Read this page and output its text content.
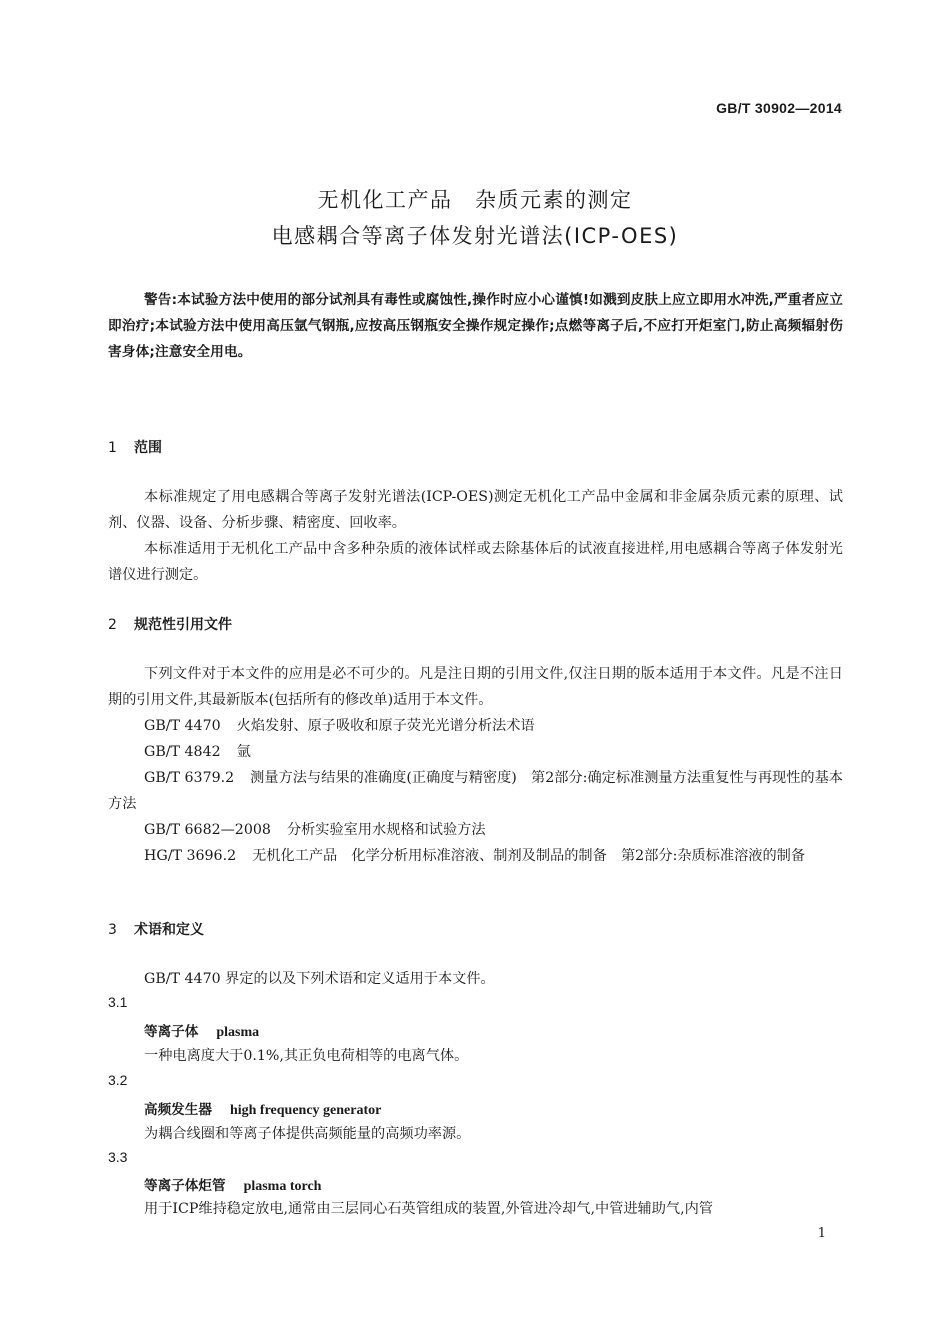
GB/T 30902—2014
无机化工产品　杂质元素的测定
电感耦合等离子体发射光谱法(ICP-OES)
警告:本试验方法中使用的部分试剂具有毒性或腐蚀性,操作时应小心谨慎!如溅到皮肤上应立即用水冲洗,严重者应立即治疗;本试验方法中使用高压氩气钢瓶,应按高压钢瓶安全操作规定操作;点燃等离子后,不应打开炬室门,防止高频辐射伤害身体;注意安全用电。
1 范围
本标准规定了用电感耦合等离子发射光谱法(ICP-OES)测定无机化工产品中金属和非金属杂质元素的原理、试剂、仪器、设备、分析步骤、精密度、回收率。
本标准适用于无机化工产品中含多种杂质的液体试样或去除基体后的试液直接进样,用电感耦合等离子体发射光谱仪进行测定。
2 规范性引用文件
下列文件对于本文件的应用是必不可少的。凡是注日期的引用文件,仅注日期的版本适用于本文件。凡是不注日期的引用文件,其最新版本(包括所有的修改单)适用于本文件。
GB/T 4470 火焰发射、原子吸收和原子荧光光谱分析法术语
GB/T 4842 氩
GB/T 6379.2 测量方法与结果的准确度(正确度与精密度)　第2部分:确定标准测量方法重复性与再现性的基本方法
GB/T 6682—2008 分析实验室用水规格和试验方法
HG/T 3696.2 无机化工产品　化学分析用标准溶液、制剂及制品的制备　第2部分:杂质标准溶液的制备
3 术语和定义
GB/T 4470 界定的以及下列术语和定义适用于本文件。
3.1
等离子体 plasma
一种电离度大于0.1%,其正负电荷相等的电离气体。
3.2
高频发生器 high frequency generator
为耦合线圈和等离子体提供高频能量的高频功率源。
3.3
等离子体炬管 plasma torch
用于ICP维持稳定放电,通常由三层同心石英管组成的装置,外管进冷却气,中管进辅助气,内管
1
